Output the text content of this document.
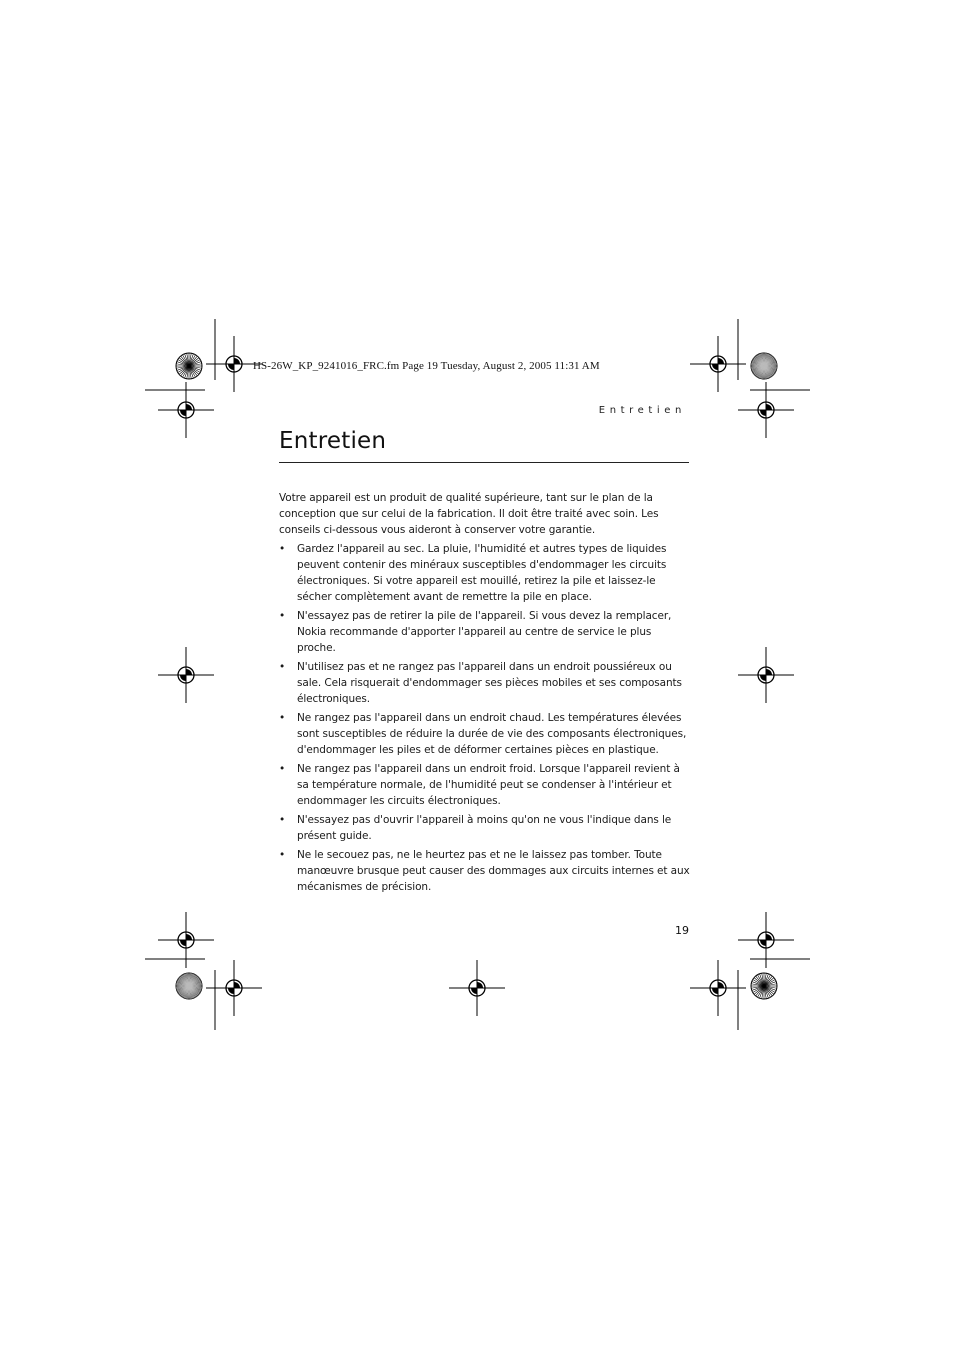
HS-26W_KP_9241016_FRC.fm Page 19 Tuesday, August 2, 2005 11:31 AM
Entretien
Entretien

Votre appareil est un produit de qualité supérieure, tant sur le plan de la conception que sur celui de la fabrication. Il doit être traité avec soin. Les conseils ci-dessous vous aideront à conserver votre garantie.

• Gardez l'appareil au sec. La pluie, l'humidité et autres types de liquides peuvent contenir des minéraux susceptibles d'endommager les circuits électroniques. Si votre appareil est mouillé, retirez la pile et laissez-le sécher complètement avant de remettre la pile en place.
• N'essayez pas de retirer la pile de l'appareil. Si vous devez la remplacer, Nokia recommande d'apporter l'appareil au centre de service le plus proche.
• N'utilisez pas et ne rangez pas l'appareil dans un endroit poussiéreux ou sale. Cela risquerait d'endommager ses pièces mobiles et ses composants électroniques.
• Ne rangez pas l'appareil dans un endroit chaud. Les températures élevées sont susceptibles de réduire la durée de vie des composants électroniques, d'endommager les piles et de déformer certaines pièces en plastique.
• Ne rangez pas l'appareil dans un endroit froid. Lorsque l'appareil revient à sa température normale, de l'humidité peut se condenser à l'intérieur et endommager les circuits électroniques.
• N'essayez pas d'ouvrir l'appareil à moins qu'on ne vous l'indique dans le présent guide.
• Ne le secouez pas, ne le heurtez pas et ne le laissez pas tomber. Toute manœuvre brusque peut causer des dommages aux circuits internes et aux mécanismes de précision.
19
